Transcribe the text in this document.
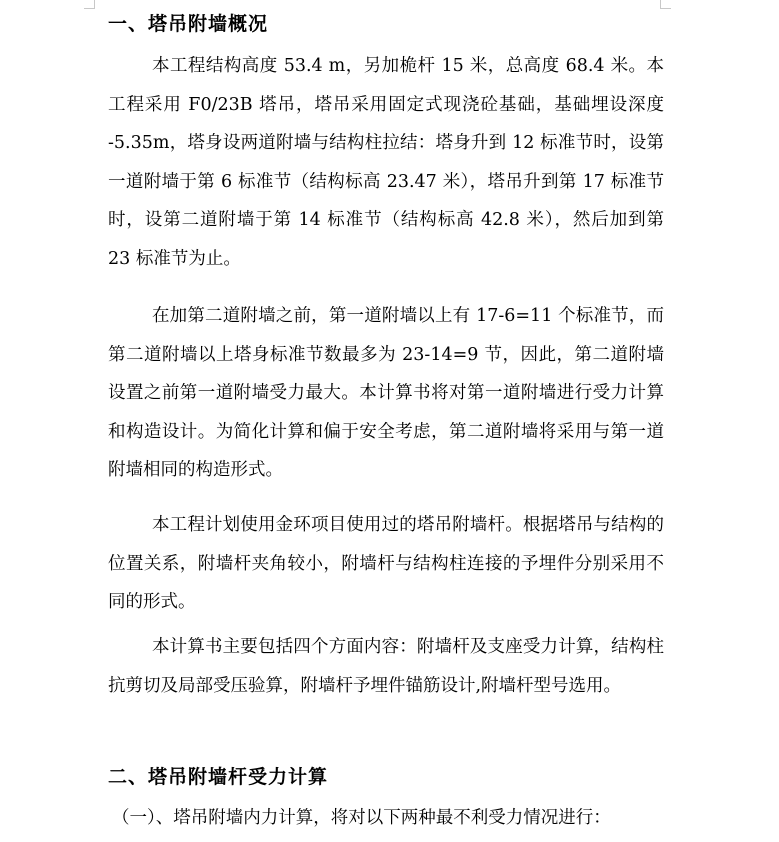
一、塔吊附墙概况

本工程结构高度 53.4 m，另加桅杆 15 米，总高度 68.4 米。本工程采用 F0/23B 塔吊，塔吊采用固定式现浇砼基础，基础埋设深度 -5.35m，塔身设两道附墙与结构柱拉结：塔身升到 12 标准节时，设第一道附墙于第 6 标准节（结构标高 23.47 米），塔吊升到第 17 标准节时，设第二道附墙于第 14 标准节（结构标高 42.8 米），然后加到第 23 标准节为止。

在加第二道附墙之前，第一道附墙以上有 17-6=11 个标准节，而第二道附墙以上塔身标准节数最多为 23-14=9 节，因此，第二道附墙设置之前第一道附墙受力最大。本计算书将对第一道附墙进行受力计算和构造设计。为简化计算和偏于安全考虑，第二道附墙将采用与第一道附墙相同的构造形式。

本工程计划使用金环项目使用过的塔吊附墙杆。根据塔吊与结构的位置关系，附墙杆夹角较小，附墙杆与结构柱连接的予埋件分别采用不同的形式。

本计算书主要包括四个方面内容：附墙杆及支座受力计算，结构柱抗剪切及局部受压验算，附墙杆予埋件锚筋设计,附墙杆型号选用。

二、塔吊附墙杆受力计算
（一）、塔吊附墙内力计算，将对以下两种最不利受力情况进行：
